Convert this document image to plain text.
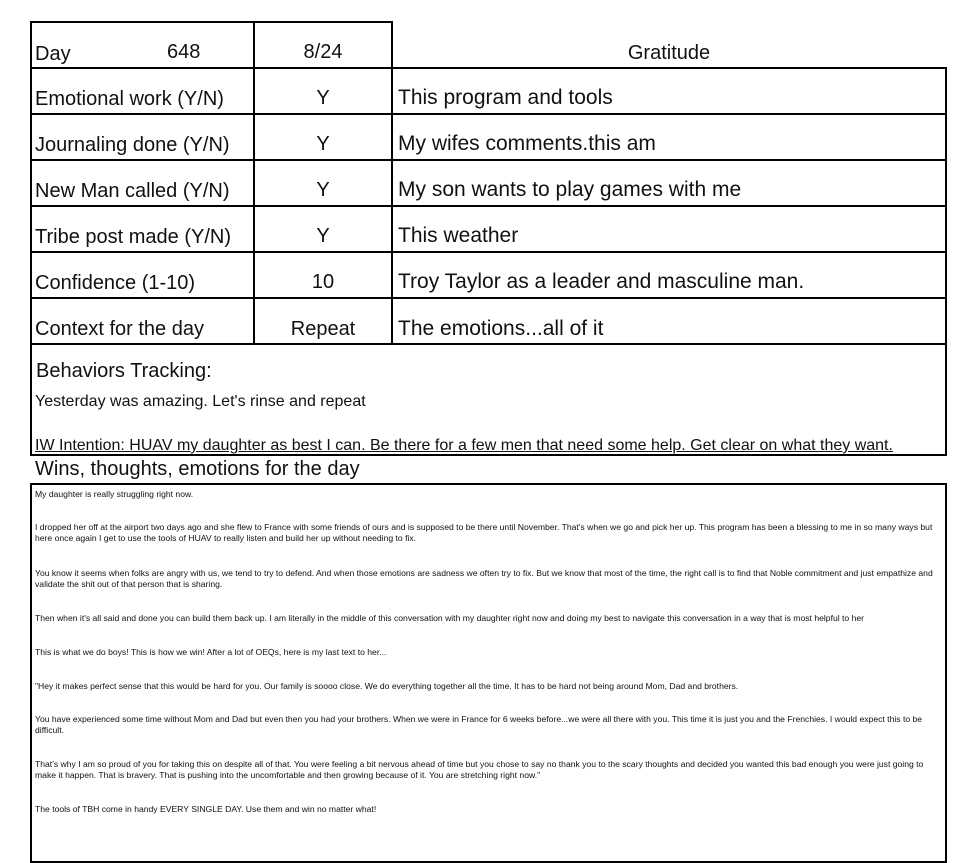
Day	648	8/24	Gratitude
Emotional work (Y/N)	Y	This program and tools
Journaling done (Y/N)	Y	My wifes comments.this am
New Man called (Y/N)	Y	My son wants to play games with me
Tribe post made (Y/N)	Y	This weather
Confidence (1-10)	10	Troy Taylor as a leader and masculine man.
Context for the day	Repeat	The emotions...all of it
Behaviors Tracking:
Yesterday was amazing. Let's rinse and repeat
IW Intention: HUAV my daughter as best I can. Be there for a few men that need some help. Get clear on what they want.
Wins, thoughts, emotions for the day
My daughter is really struggling right now.
I dropped her off at the airport two days ago and she flew to France with some friends of ours and is supposed to be there until November. That's when we go and pick her up. This program has been a blessing to me in so many ways but here once again I get to use the tools of HUAV to really listen and build her up without needing to fix.
You know it seems when folks are angry with us, we tend to try to defend. And when those emotions are sadness we often try to fix. But we know that most of the time, the right call is to find that Noble commitment and just empathize and validate the shit out of that person that is sharing.
Then when it's all said and done you can build them back up. I am literally in the middle of this conversation with my daughter right now and doing my best to navigate this conversation in a way that is most helpful to her
This is what we do boys! This is how we win! After a lot of OEQs, here is my last text to her...
"Hey it makes perfect sense that this would be hard for you. Our family is soooo close. We do everything together all the time. It has to be hard not being around Mom, Dad and brothers.
You have experienced some time without Mom and Dad but even then you had your brothers. When we were in France for 6 weeks before...we were all there with you. This time it is just you and the Frenchies. I would expect this to be difficult.
That's why I am so proud of you for taking this on despite all of that. You were feeling a bit nervous ahead of time but you chose to say no thank you to the scary thoughts and decided you wanted this bad enough you were just going to make it happen. That is bravery. That is pushing into the uncomfortable and then growing because of it. You are stretching right now."
The tools of TBH come in handy EVERY SINGLE DAY. Use them and win no matter what!
